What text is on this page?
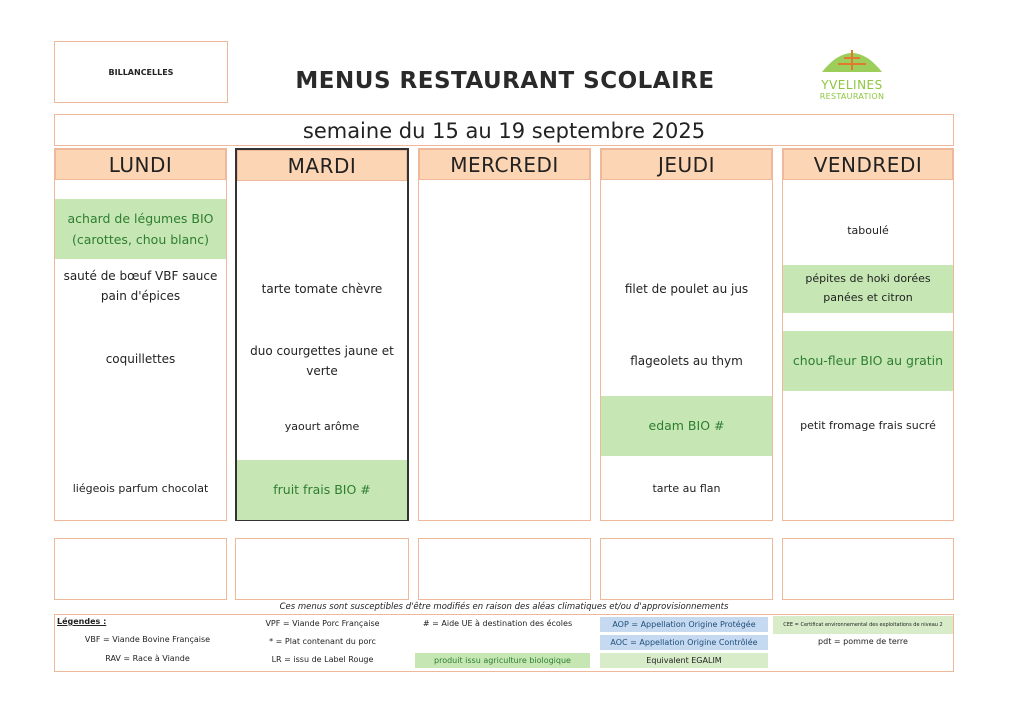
BILLANCELLES	MENUS RESTAURANT SCOLAIRE	YVELINES
RESTAURATION
semaine du 15 au 19 septembre 2025
LUNDI
achard de légumes BIO (carottes, chou blanc)
sauté de bœuf VBF sauce pain d'épices
coquillettes
liégeois parfum chocolat
MARDI
tarte tomate chèvre
duo courgettes jaune et verte
yaourt arôme
fruit frais BIO #
MERCREDI	JEUDI
filet de poulet au jus
flageolets au thym
edam BIO #
tarte au flan
VENDREDI
taboulé
pépites de hoki dorées panées et citron
chou-fleur BIO au gratin
petit fromage frais sucré
Ces menus sont susceptibles d'être modifiés en raison des aléas climatiques et/ou d'approvisionnements
Légendes :
VBF = Viande Bovine Française
RAV = Race à Viande
VPF = Viande Porc Française
* = Plat contenant du porc
LR = issu de Label Rouge
# = Aide UE à destination des écoles
produit issu agriculture biologique
AOP = Appellation Origine Protégée
AOC = Appellation Origine Contrôlée
Equivalent EGALIM
CEE = Certificat environnemental des exploitations de niveau 2
pdt = pomme de terre
